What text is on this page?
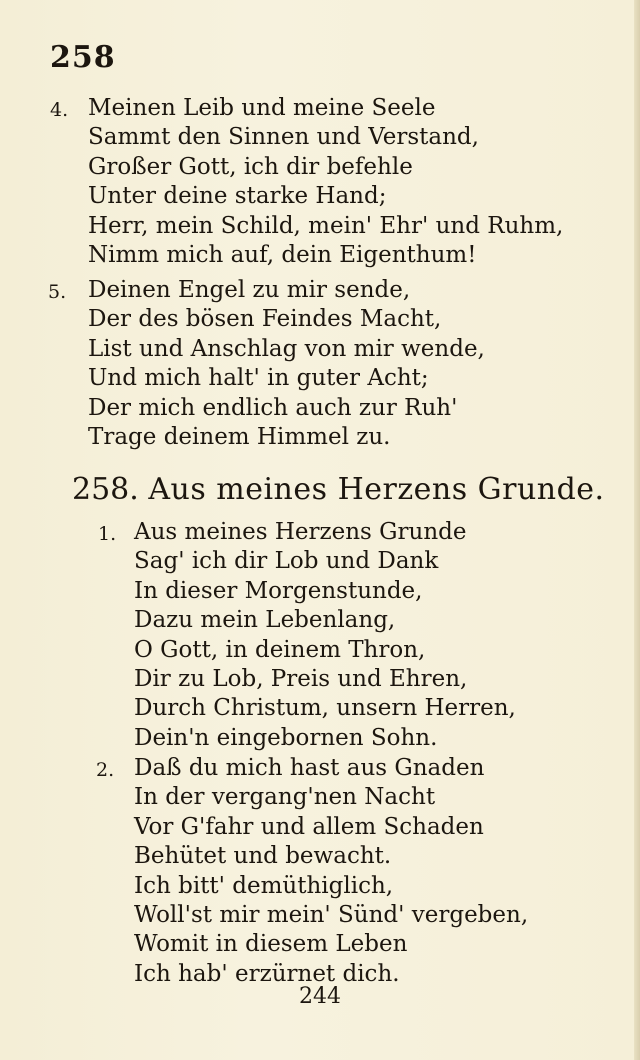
258
4. Meinen Leib und meine Seele
Sammt den Sinnen und Verstand,
Großer Gott, ich dir befehle
Unter deine starke Hand;
Herr, mein Schild, mein' Ehr' und Ruhm,
Nimm mich auf, dein Eigenthum!
5. Deinen Engel zu mir sende,
Der des bösen Feindes Macht,
List und Anschlag von mir wende,
Und mich halt' in guter Acht;
Der mich endlich auch zur Ruh'
Trage deinem Himmel zu.
258. Aus meines Herzens Grunde.
1. Aus meines Herzens Grunde
Sag' ich dir Lob und Dank
In dieser Morgenstunde,
Dazu mein Lebenlang,
O Gott, in deinem Thron,
Dir zu Lob, Preis und Ehren,
Durch Christum, unsern Herren,
Dein'n eingebornen Sohn.
2. Daß du mich hast aus Gnaden
In der vergang'nen Nacht
Vor G'fahr und allem Schaden
Behütet und bewacht.
Ich bitt' demüthiglich,
Woll'st mir mein' Sünd' vergeben,
Womit in diesem Leben
Ich hab' erzürnet dich.
244
